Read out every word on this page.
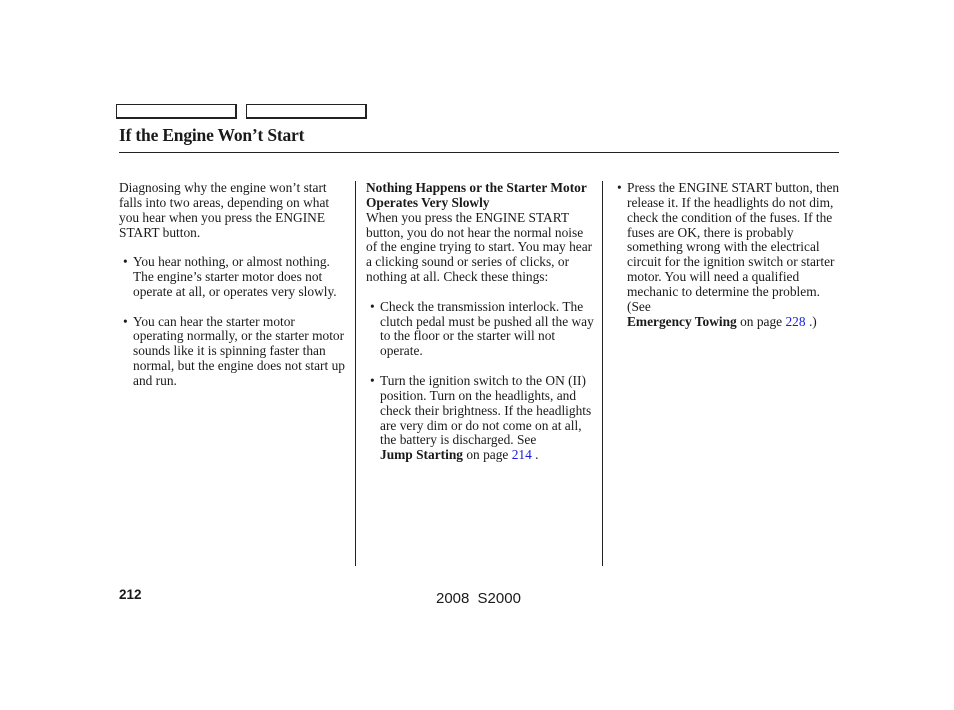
If the Engine Won’t Start

Diagnosing why the engine won’t start falls into two areas, depending on what you hear when you press the ENGINE START button.

• You hear nothing, or almost nothing. The engine’s starter motor does not operate at all, or operates very slowly.
• You can hear the starter motor operating normally, or the starter motor sounds like it is spinning faster than normal, but the engine does not start up and run.

Nothing Happens or the Starter Motor Operates Very Slowly

When you press the ENGINE START button, you do not hear the normal noise of the engine trying to start. You may hear a clicking sound or series of clicks, or nothing at all. Check these things:

• Check the transmission interlock. The clutch pedal must be pushed all the way to the floor or the starter will not operate.
• Turn the ignition switch to the ON (II) position. Turn on the headlights, and check their brightness. If the headlights are very dim or do not come on at all, the battery is discharged. See
Jump Starting on page 214 .
• Press the ENGINE START button, then release it. If the headlights do not dim, check the condition of the fuses. If the fuses are OK, there is probably something wrong with the electrical circuit for the ignition switch or starter motor. You will need a qualified mechanic to determine the problem. (See
Emergency Towing on page 228 .)
212	2008 S2000
